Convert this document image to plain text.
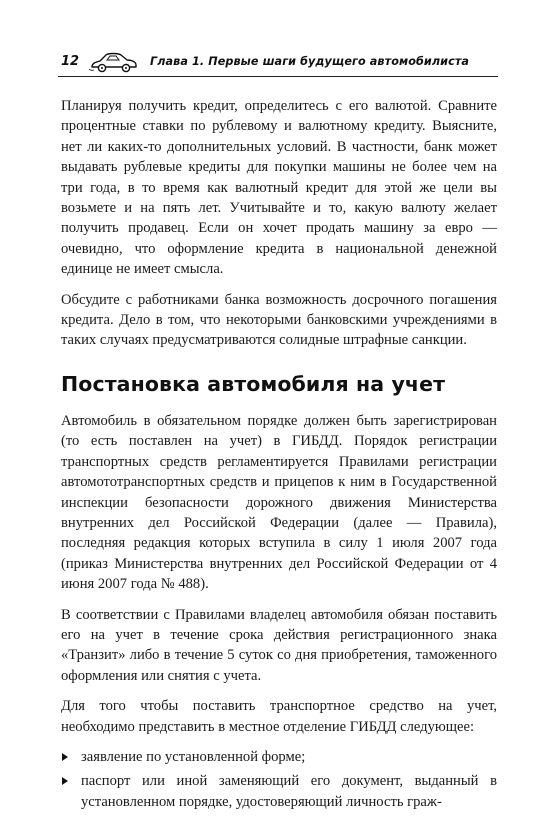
12	Глава 1. Первые шаги будущего автомобилиста

Планируя получить кредит, определитесь с его валютой. Сравните процентные ставки по рублевому и валютному кредиту. Выясните, нет ли каких-то дополнительных условий. В частности, банк может выдавать рублевые кредиты для покупки машины не более чем на три года, в то время как валютный кредит для этой же цели вы возьмете и на пять лет. Учитывайте и то, какую валюту желает получить продавец. Если он хочет продать машину за евро — очевидно, что оформление кредита в национальной денежной единице не имеет смысла.

Обсудите с работниками банка возможность досрочного погашения кредита. Дело в том, что некоторыми банковскими учреждениями в таких случаях предусматриваются солидные штрафные санкции.

Постановка автомобиля на учет

Автомобиль в обязательном порядке должен быть зарегистрирован (то есть поставлен на учет) в ГИБДД. Порядок регистрации транспортных средств регламентируется Правилами регистрации автомототранспортных средств и прицепов к ним в Государственной инспекции безопасности дорожного движения Министерства внутренних дел Российской Федерации (далее — Правила), последняя редакция которых вступила в силу 1 июля 2007 года (приказ Министерства внутренних дел Российской Федерации от 4 июня 2007 года № 488).

В соответствии с Правилами владелец автомобиля обязан поставить его на учет в течение срока действия регистрационного знака «Транзит» либо в течение 5 суток со дня приобретения, таможенного оформления или снятия с учета.

Для того чтобы поставить транспортное средство на учет, необходимо представить в местное отделение ГИБДД следующее:

заявление по установленной форме;
паспорт или иной заменяющий его документ, выданный в установленном порядке, удостоверяющий личность граж-
